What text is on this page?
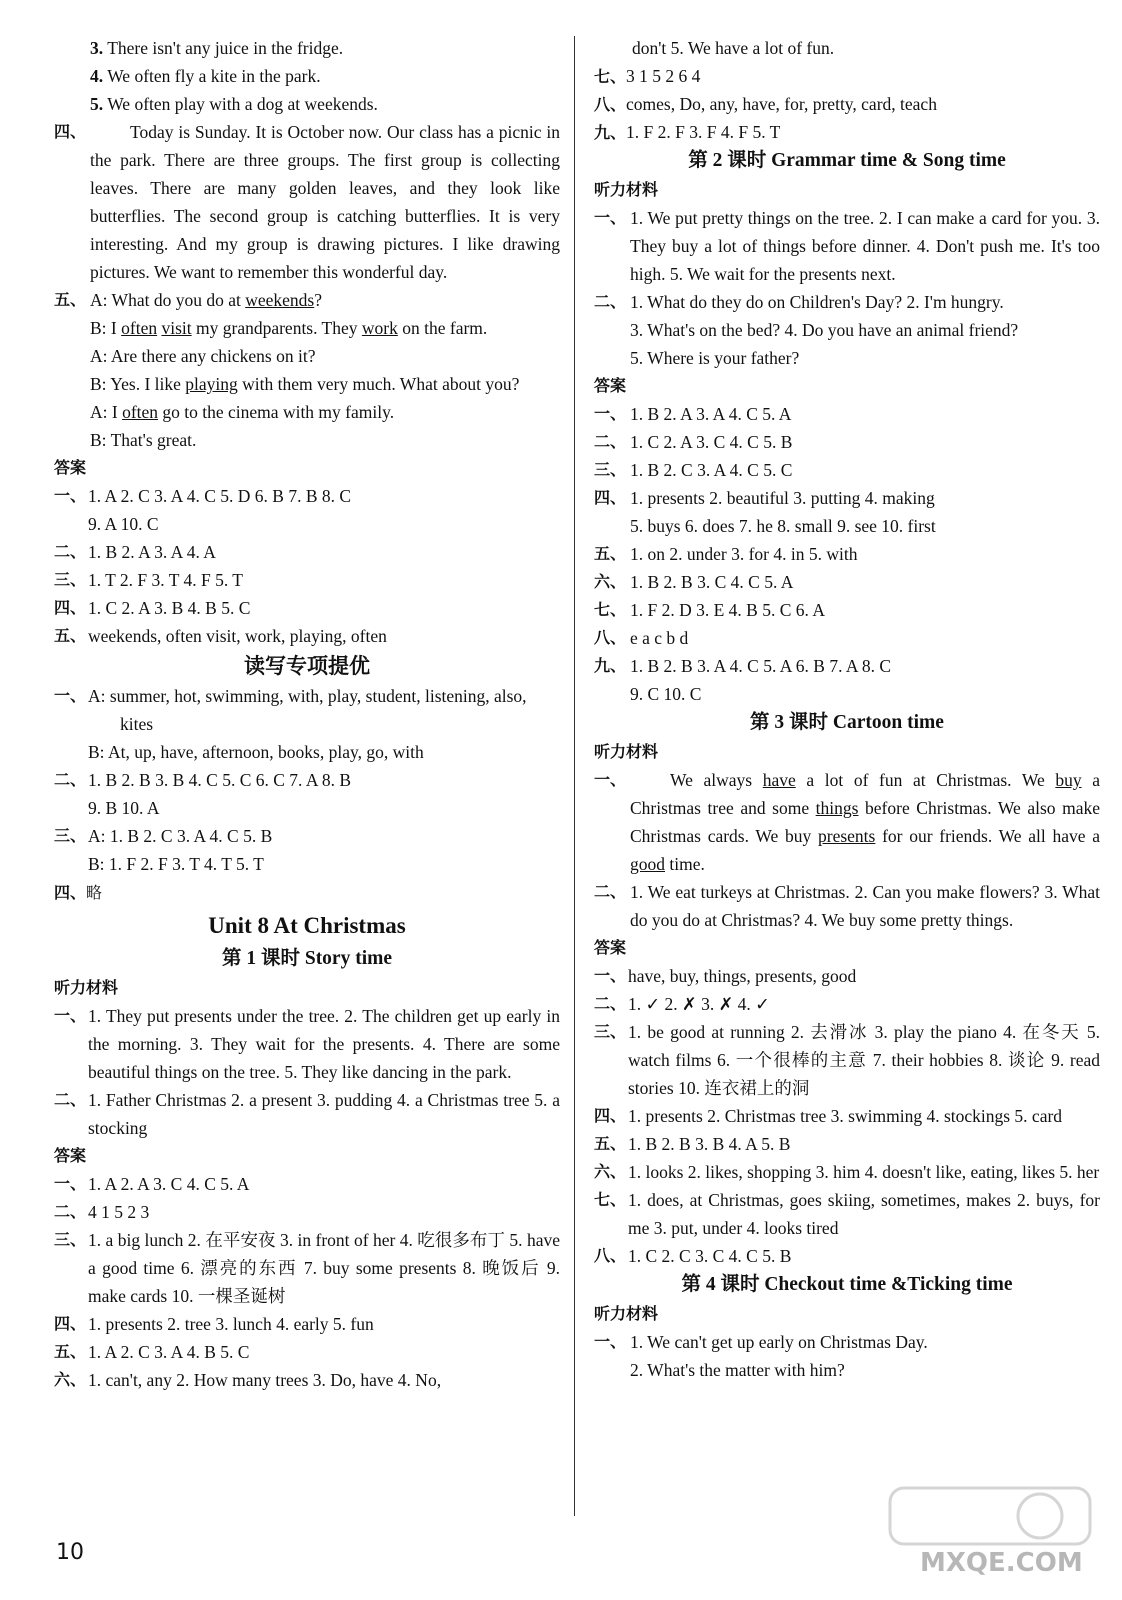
3. There isn't any juice in the fridge.
4. We often fly a kite in the park.
5. We often play with a dog at weekends.
四、	Today is Sunday. It is October now. Our class has a picnic in the park. There are three groups. The first group is collecting leaves. There are many golden leaves, and they look like butterflies. The second group is catching butterflies. It is very interesting. And my group is drawing pictures. I like drawing pictures. We want to remember this wonderful day.
五、 A: What do you do at weekends?
B: I often visit my grandparents. They work on the farm.
A: Are there any chickens on it?
B: Yes. I like playing with them very much. What about you?
A: I often go to the cinema with my family.
B: That's great.
答案
一、 1. A 2. C 3. A 4. C 5. D 6. B 7. B 8. C
9. A 10. C
二、 1. B 2. A 3. A 4. A
三、 1. T 2. F 3. T 4. F 5. T
四、 1. C 2. A 3. B 4. B 5. C
五、 weekends, often visit, work, playing, often
读写专项提优
一、 A: summer, hot, swimming, with, play, student, listening, also, kites
B: At, up, have, afternoon, books, play, go, with
二、 1. B 2. B 3. B 4. C 5. C 6. C 7. A 8. B
9. B 10. A
三、 A: 1. B 2. C 3. A 4. C 5. B
B: 1. F 2. F 3. T 4. T 5. T
四、略
Unit 8 At Christmas
第 1 课时 Story time
听力材料
一、 1. They put presents under the tree. 2. The children get up early in the morning. 3. They wait for the presents. 4. There are some beautiful things on the tree. 5. They like dancing in the park.
二、 1. Father Christmas 2. a present 3. pudding 4. a Christmas tree 5. a stocking
答案
一、 1. A 2. A 3. C 4. C 5. A
二、 4 1 5 2 3
三、 1. a big lunch 2. 在平安夜 3. in front of her 4. 吃很多布丁 5. have a good time 6. 漂亮的东西 7. buy some presents 8. 晚饭后 9. make cards 10. 一棵圣诞树
四、 1. presents 2. tree 3. lunch 4. early 5. fun
五、 1. A 2. C 3. A 4. B 5. C
六、 1. can't, any 2. How many trees 3. Do, have 4. No,
don't 5. We have a lot of fun.
七、3 1 5 2 6 4
八、comes, Do, any, have, for, pretty, card, teach
九、1. F 2. F 3. F 4. F 5. T
第 2 课时 Grammar time & Song time
听力材料
一、 1. We put pretty things on the tree. 2. I can make a card for you. 3. They buy a lot of things before dinner. 4. Don't push me. It's too high. 5. We wait for the presents next.
二、 1. What do they do on Children's Day? 2. I'm hungry.
3. What's on the bed? 4. Do you have an animal friend?
5. Where is your father?
答案
一、 1. B 2. A 3. A 4. C 5. A
二、 1. C 2. A 3. C 4. C 5. B
三、 1. B 2. C 3. A 4. C 5. C
四、 1. presents 2. beautiful 3. putting 4. making
5. buys 6. does 7. he 8. small 9. see 10. first
五、 1. on 2. under 3. for 4. in 5. with
六、 1. B 2. B 3. C 4. C 5. A
七、 1. F 2. D 3. E 4. B 5. C 6. A
八、 e a c b d
九、 1. B 2. B 3. A 4. C 5. A 6. B 7. A 8. C
9. C 10. C
第 3 课时 Cartoon time
听力材料
一、	We always have a lot of fun at Christmas. We buy a Christmas tree and some things before Christmas. We also make Christmas cards. We buy presents for our friends. We all have a good time.
二、 1. We eat turkeys at Christmas. 2. Can you make flowers? 3. What do you do at Christmas? 4. We buy some pretty things.
答案
一、 have, buy, things, presents, good
二、 1. ✓ 2. ✗ 3. ✗ 4. ✓
三、 1. be good at running 2. 去滑冰 3. play the piano 4. 在冬天 5. watch films 6. 一个很棒的主意 7. their hobbies 8. 谈论 9. read stories 10. 连衣裙上的洞
四、 1. presents 2. Christmas tree 3. swimming 4. stockings 5. card
五、 1. B 2. B 3. B 4. A 5. B
六、 1. looks 2. likes, shopping 3. him 4. doesn't like, eating, likes 5. her
七、 1. does, at Christmas, goes skiing, sometimes, makes 2. buys, for me 3. put, under 4. looks tired
八、 1. C 2. C 3. C 4. C 5. B
第 4 课时 Checkout time &Ticking time
听力材料
一、 1. We can't get up early on Christmas Day.
2. What's the matter with him?
10	MXQE.COM
